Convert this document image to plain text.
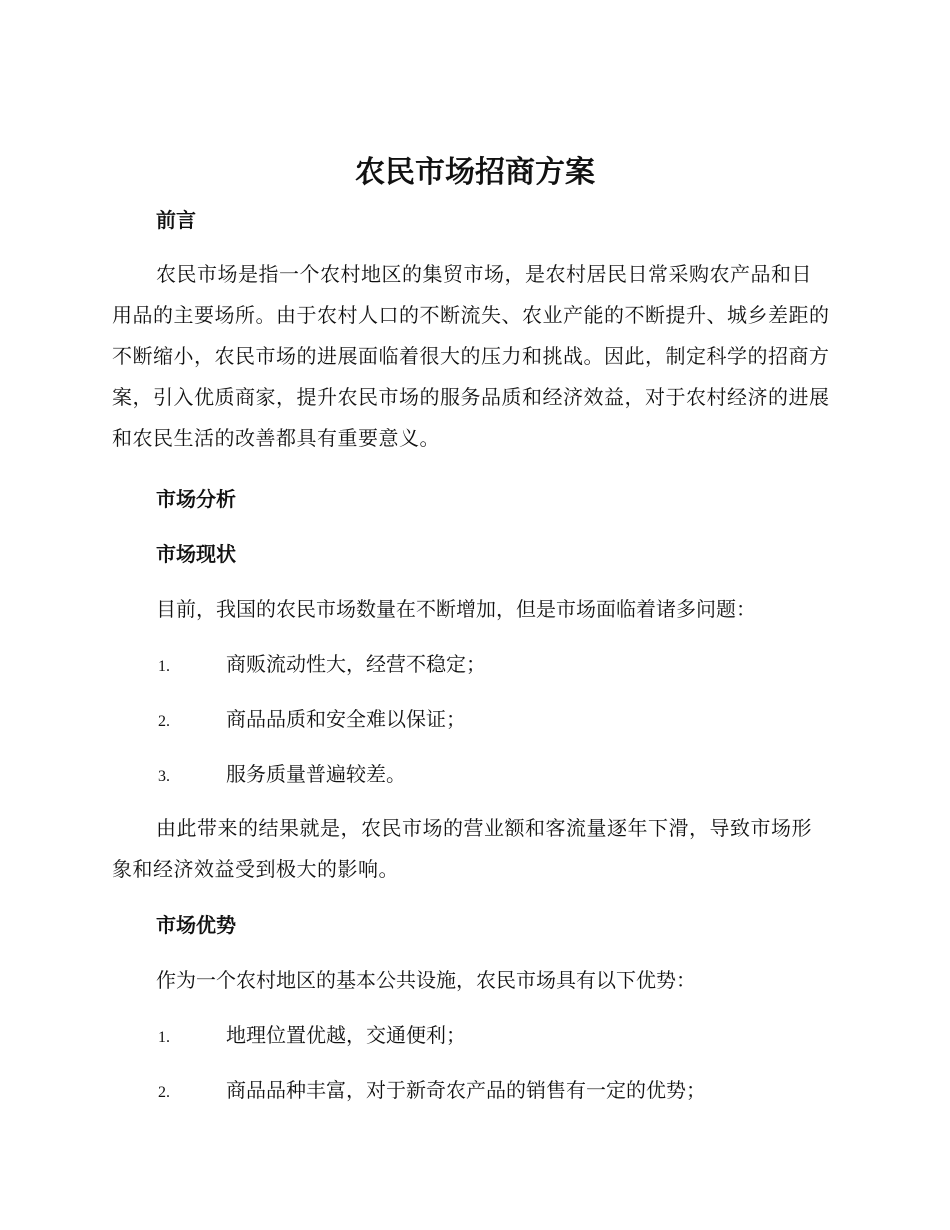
农民市场招商方案
前言

农民市场是指一个农村地区的集贸市场，是农村居民日常采购农产品和日用品的主要场所。由于农村人口的不断流失、农业产能的不断提升、城乡差距的不断缩小，农民市场的进展面临着很大的压力和挑战。因此，制定科学的招商方案，引入优质商家，提升农民市场的服务品质和经济效益，对于农村经济的进展和农民生活的改善都具有重要意义。

市场分析
市场现状

目前，我国的农民市场数量在不断增加，但是市场面临着诸多问题：

1.	商贩流动性大，经营不稳定；
2.	商品品质和安全难以保证；
3.	服务质量普遍较差。

由此带来的结果就是，农民市场的营业额和客流量逐年下滑，导致市场形象和经济效益受到极大的影响。

市场优势

作为一个农村地区的基本公共设施，农民市场具有以下优势：

1.	地理位置优越，交通便利；
2.	商品品种丰富，对于新奇农产品的销售有一定的优势；
